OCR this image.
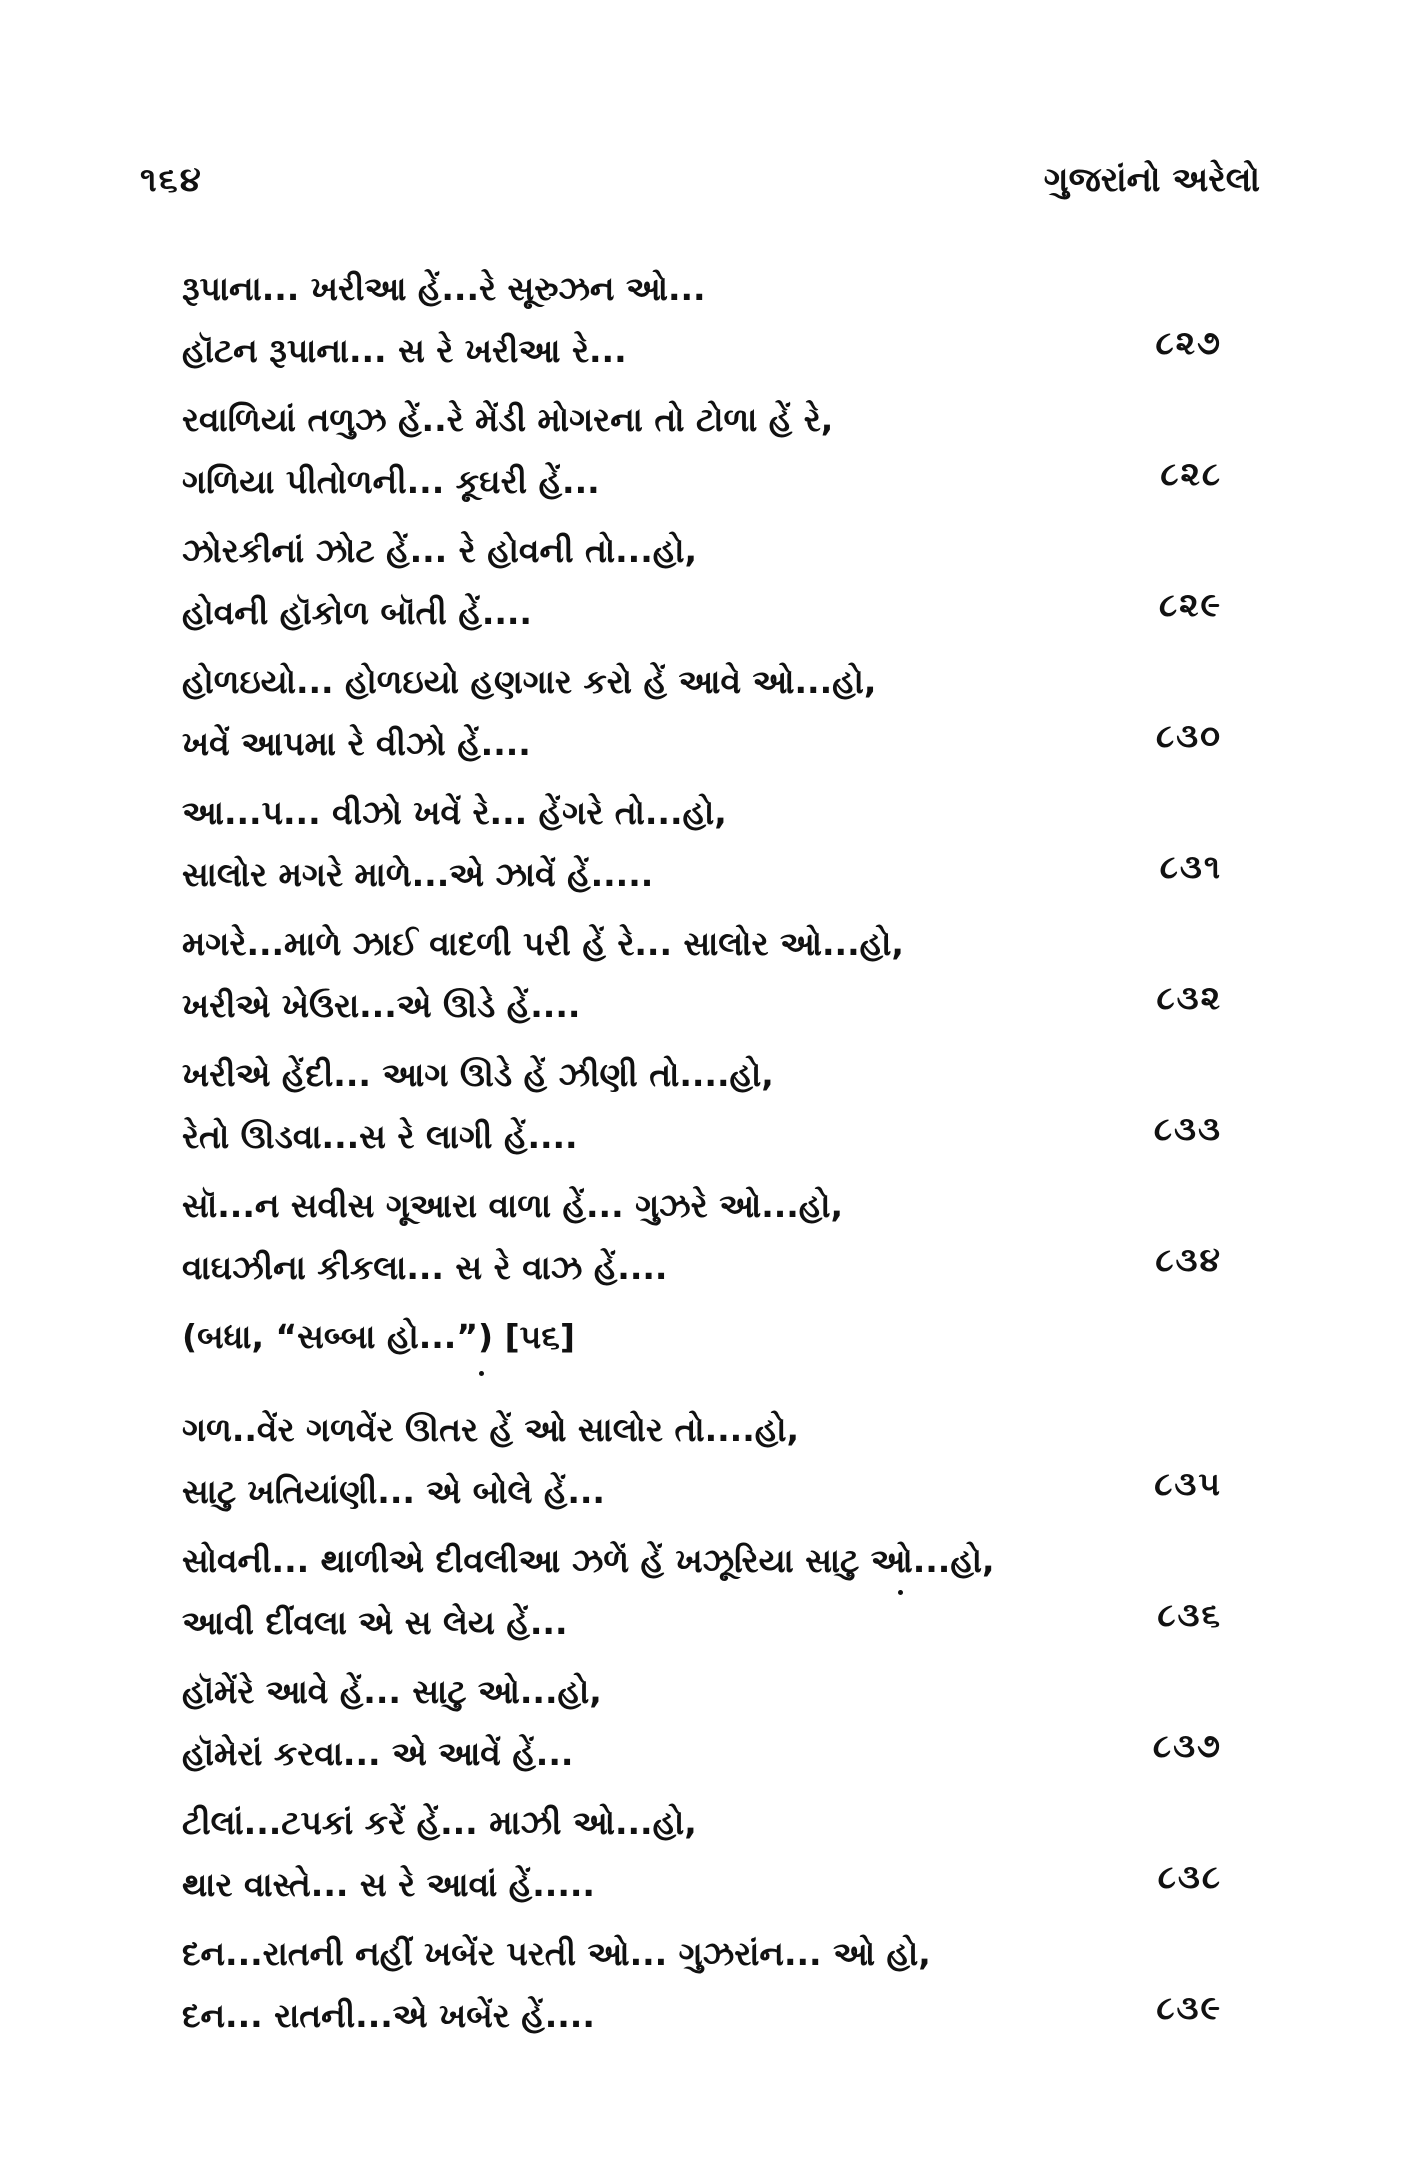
૧૬૪	ગુજરાંનો અરેલો
રૂપાના... ખરીઆ હેં...રે સૂરુઝન ઓ...
હૉટન રૂપાના... સ રે ખરીઆ રે...	૮૨૭
રવાળિયાં તળુઝ હેં..રે મેંડી મોગરના તો ટોળા હેં રે,
ગળિયા પીતોળની... કૂઘરી હેં...	૮૨૮
ઝોરકીનાં ઝોટ હેં... રે હોવની તો...હો,
હોવની હૉકોળ બૉતી હેં....	૮૨૯
હોળઇયો... હોળઇયો હણગાર કરો હેં આવે ઓ...હો,
ખવેં આપમા રે વીઝો હેં....	૮૩૦
આ...પ... વીઝો ખવેં રે... હેંગરે તો...હો,
સાલોર મગરે માળે...એ ઝાવેં હેં.....	૮૩૧
મગરે...માળે ઝાઈ વાદળી પરી હેં રે... સાલોર ઓ...હો,
ખરીએ ખેઉરા...એ ઊડે હેં....	૮૩૨
ખરીએ હેંદી... આગ ઊડે હેં ઝીણી તો....હો,
રેતો ઊડવા...સ રે લાગી હેં....	૮૩૩
સૉ...ન સવીસ ગૂઆરા વાળા હેં... ગુઝરે ઓ...હો,
વાઘઝીના કીકલા... સ રે વાઝ હેં....	૮૩૪
(બધા, “સબ્બા હો...”) [૫૬]
ગળ..વેંર ગળવેંર ઊતર હેં ઓ સાલોર તો....હો,
સાટુ ખતિયાંણી... એ બોલે હેં...	૮૩૫
સોવની... થાળીએ દીવલીઆ ઝળેં હેં ખઝૂરિયા સાટુ ઓ...હો,
આવી દીંવલા એ સ લેય હેં...	૮૩૬
હૉમેંરે આવે હેં... સાટુ ઓ...હો,
હૉમેરાં કરવા... એ આવેં હેં...	૮૩૭
ટીલાં...ટપકાં કરેં હેં... માઝી ઓ...હો,
થાર વાસ્તે... સ રે આવાં હેં.....	૮૩૮
દન...રાતની નહીં ખબેંર પરતી ઓ... ગુઝરાંન... ઓ હો,
દન... રાતની...એ ખબેંર હેં....	૮૩૯
